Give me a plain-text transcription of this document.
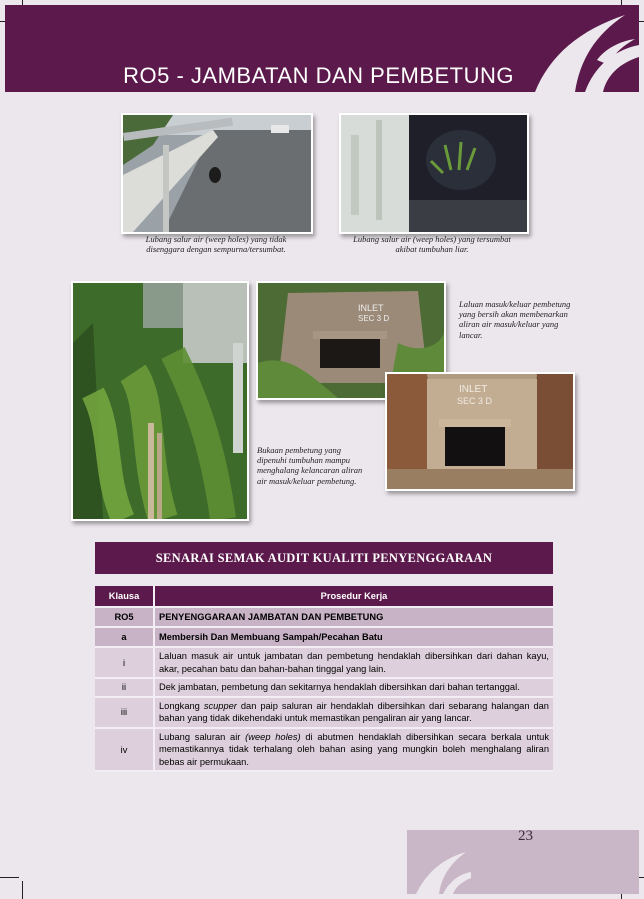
RO5 - JAMBATAN DAN PEMBETUNG
Lubang salur air (weep holes) yang tidak disenggara dengan sempurna/tersumbat.
Lubang salur air (weep holes) yang tersumbat akibat tumbuhan liar.
Bukaan pembetung yang dipenuhi tumbuhan mampu menghalang kelancaran aliran air masuk/keluar pembetung.
INLET
SEC 3 D
Laluan masuk/keluar pembetung yang bersih akan membenarkan aliran air masuk/keluar yang lancar.
INLET
SEC 3 D
SENARAI SEMAK AUDIT KUALITI PENYENGGARAAN
Klausa	Prosedur Kerja
RO5	PENYENGGARAAN JAMBATAN DAN PEMBETUNG
a	Membersih Dan Membuang Sampah/Pecahan Batu
i	Laluan masuk air untuk jambatan dan pembetung hendaklah dibersihkan dari dahan kayu, akar, pecahan batu dan bahan-bahan tinggal yang lain.
ii	Dek jambatan, pembetung dan sekitarnya hendaklah dibersihkan dari bahan tertanggal.
iii	Longkang scupper dan paip saluran air hendaklah dibersihkan dari sebarang halangan dan bahan yang tidak dikehendaki untuk memastikan pengaliran air yang lancar.
iv	Lubang saluran air (weep holes) di abutmen hendaklah dibersihkan secara berkala untuk memastikannya tidak terhalang oleh bahan asing yang mungkin boleh menghalang aliran bebas air permukaan.
23
